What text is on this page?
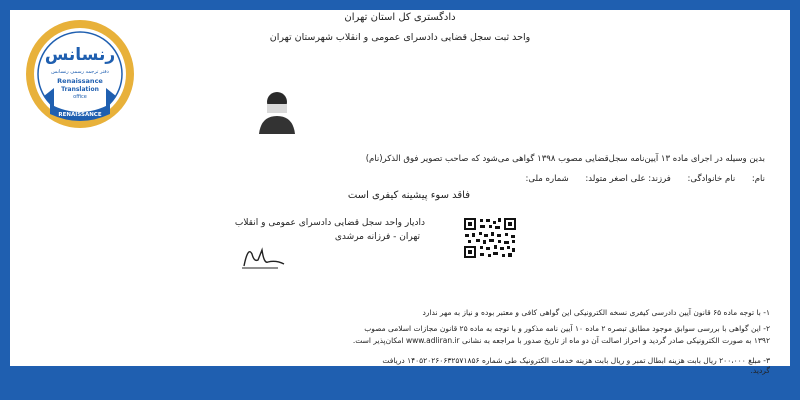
رنسانس
دفتر ترجمه رسمی رنسانس
Renaissance
Translation
office
RENAISSANCE
دادگستری کل استان تهران
واحد ثبت سجل قضایی دادسرای عمومی و انقلاب شهرستان تهران
بدین وسیله در اجرای ماده ۱۳ آیین‌نامه سجل‌قضایی مصوب ۱۳۹۸ گواهی می‌شود که صاحب تصویر فوق الذکر(نام)
نام: نام خانوادگی: فرزند: علی اصغر متولد: شماره ملی:
فاقد سوء پیشینه کیفری است
دادیار واحد سجل قضایی دادسرای عمومی و انقلاب
تهران - فرزانه مرشدی
۱- با توجه ماده ۶۵ قانون آیین دادرسی کیفری نسخه الکترونیکی این گواهی کافی و معتبر بوده و نیاز به مهر ندارد
۲- این گواهی با بررسی سوابق موجود مطابق تبصره ۲ ماده ۱۰ آیین نامه مذکور و با توجه به ماده ۲۵ قانون مجازات اسلامی مصوب
۱۳۹۲ به صورت الکترونیکی صادر گردید و احراز اصالت آن دو ماه از تاریخ صدور با مراجعه به نشانی www.adliran.ir امکان‌پذیر است.
۳- مبلغ ۲۰۰،۰۰۰ ریال بابت هزینه ابطال تمبر و ریال بابت هزینه خدمات الکترونیک طی شماره ۱۴۰۵۲۰۲۶۰۶۳۲۵۷۱۸۵۶ دریافت
گردید.
